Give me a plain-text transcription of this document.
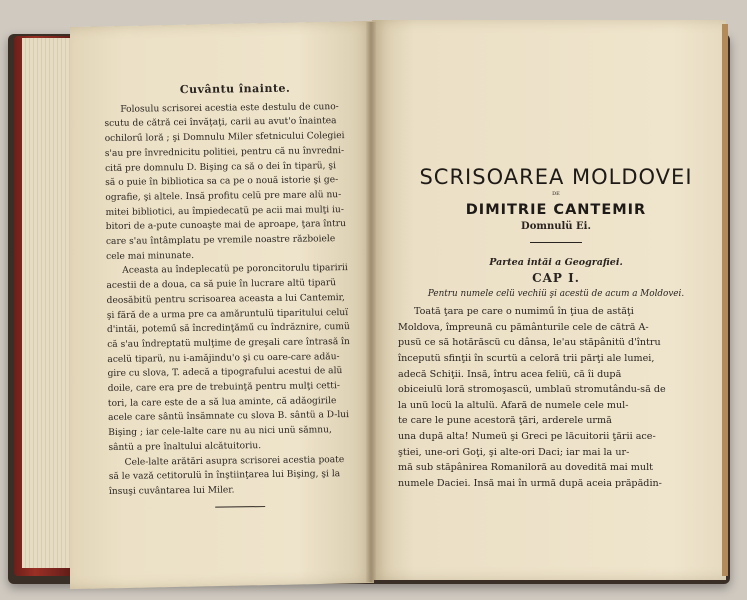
Cuvântu înainte.
Folosulu scrisorei acestia este destulu de cuno-
scutu de cătră cei învăţaţi, carii au avut'o înaintea
ochilorű loră ; şi Domnulu Miler sfetnicului Colegiei
s'au pre învrednicitu politiei, pentru că nu învredni-
cită pre domnulu D. Bişing ca să o dei în tiparü, şi
să o puie în bibliotica sa ca pe o nouă istorie şi ge-
ografie, şi altele. Insă profitu celü pre mare alü nu-
mitei bibliotici, au împiedecatü pe acii mai mulţi iu-
bitori de a-pute cunoaşte mai de aproape, ţara întru
care s'au întâmplatu pe vremile noastre războiele
cele mai minunate.
Aceasta au îndeplecatü pe poroncitorulu tiparirii
acestii de a doua, ca să puie în lucrare altü tiparü
deosăbitü pentru scrisoarea aceasta a lui Cantemir,
şi fără de a urma pre ca amăruntulü tiparitului celuï
d'intăi, potemű să încredinţămű cu îndrăznire, cumü
că s'au îndreptatü mulţime de greşali care întrasă în
acelü tiparü, nu i-amăjindu'o şi cu oare-care adău-
gire cu slova, T. adecă a tipografului acestui de alü
doile, care era pre de trebuinţă pentru mulţi cetti-
tori, la care este de a să lua aminte, că adăogirile
acele care sântü însămnate cu slova B. sântü a D-lui
Bişing ; iar cele-lalte care nu au nici unü sămnu,
sântü a pre înaltului alcătuitoriu.
Cele-lalte arătări asupra scrisorei acestia poate
să le vază cetitorulü în înştiinţarea lui Bişing, şi la
însuşi cuvântarea lui Miler.
SCRISOAREA MOLDOVEI
DE
DIMITRIE CANTEMIR
Domnulü Ei.
Partea intăi a Geografiei.
CAP I.
Pentru numele celü vechiü şi acestü de acum a Moldovei.
Toată ţara pe care o numimű în ţiua de astăţi
Moldova, împreună cu pământurile cele de cătră A-
pusü ce să hotărăscü cu dânsa, le'au stăpânitü d'întru
începutü sfinţii în scurtü a celoră trii părţi ale lumei,
adecă Schiţii. Insă, întru acea feliü, că îi după
obiceiulü loră stromoşascü, umblaü stromutându-să de
la unü locü la altulü. Afară de numele cele mul-
te care le pune acestoră ţări, arderele urmă
una după alta! Numeü şi Greci pe lăcuitorii ţării ace-
ştiei, une-ori Goţi, şi alte-ori Daci; iar mai la ur-
mă sub stăpânirea Romaniloră au dovedită mai mult
numele Daciei. Insă mai în urmă după aceia prăpădin-
